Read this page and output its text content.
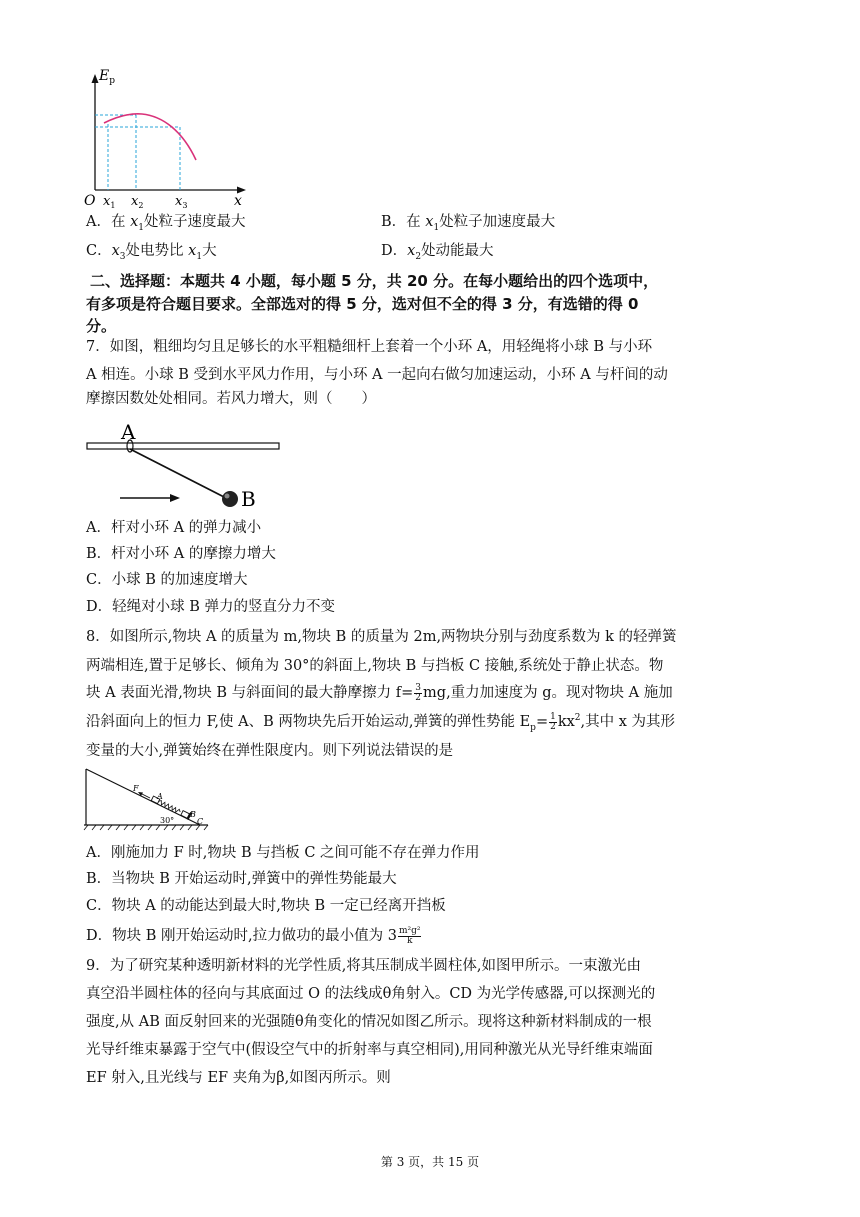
$E_p$
O $x_1$ $x_2$ $x_3$	x
A．在 $x_1$处粒子速度最大	B．在 $x_1$处粒子加速度最大
C．$x_3$处电势比 $x_1$大	D．$x_2$处动能最大
二、选择题：本题共 4 小题，每小题 5 分，共 20 分。在每小题给出的四个选项中，
有多项是符合题目要求。全部选对的得 5 分，选对但不全的得 3 分，有选错的得 0
分。
7．如图，粗细均匀且足够长的水平粗糙细杆上套着一个小环 A，用轻绳将小球 B 与小环
A 相连。小球 B 受到水平风力作用，与小环 A 一起向右做匀加速运动，小环 A 与杆间的动
摩擦因数处处相同。若风力增大，则（　　）
A
B
A．杆对小环 A 的弹力减小
B．杆对小环 A 的摩擦力增大
C．小球 B 的加速度增大
D．轻绳对小球 B 弹力的竖直分力不变
8．如图所示,物块 A 的质量为 m,物块 B 的质量为 2m,两物块分别与劲度系数为 k 的轻弹簧
两端相连,置于足够长、倾角为 30°的斜面上,物块 B 与挡板 C 接触,系统处于静止状态。物
块 A 表面光滑,物块 B 与斜面间的最大静摩擦力 $f= \frac{3}{2}$ mg,重力加速度为 g。现对物块 A 施加
沿斜面向上的恒力 F,使 A、B 两物块先后开始运动,弹簧的弹性势能 $E_p= \frac{1}{2} kx^2$,其中 x 为其形
变量的大小,弹簧始终在弹性限度内。则下列说法错误的是
F
A
B
C
30°
A．刚施加力 F 时,物块 B 与挡板 C 之间可能不存在弹力作用
B．当物块 B 开始运动时,弹簧中的弹性势能最大
C．物块 A 的动能达到最大时,物块 B 一定已经离开挡板
D．物块 B 刚开始运动时,拉力做功的最小值为 $3 \frac{\text{m²g²}}{k}$
9．为了研究某种透明新材料的光学性质,将其压制成半圆柱体,如图甲所示。一束激光由
真空沿半圆柱体的径向与其底面过 O 的法线成θ角射入。CD 为光学传感器,可以探测光的
强度,从 AB 面反射回来的光强随θ角变化的情况如图乙所示。现将这种新材料制成的一根
光导纤维束暴露于空气中(假设空气中的折射率与真空相同),用同种激光从光导纤维束端面
EF 射入,且光线与 EF 夹角为β,如图丙所示。则
第 3 页，共 15 页
